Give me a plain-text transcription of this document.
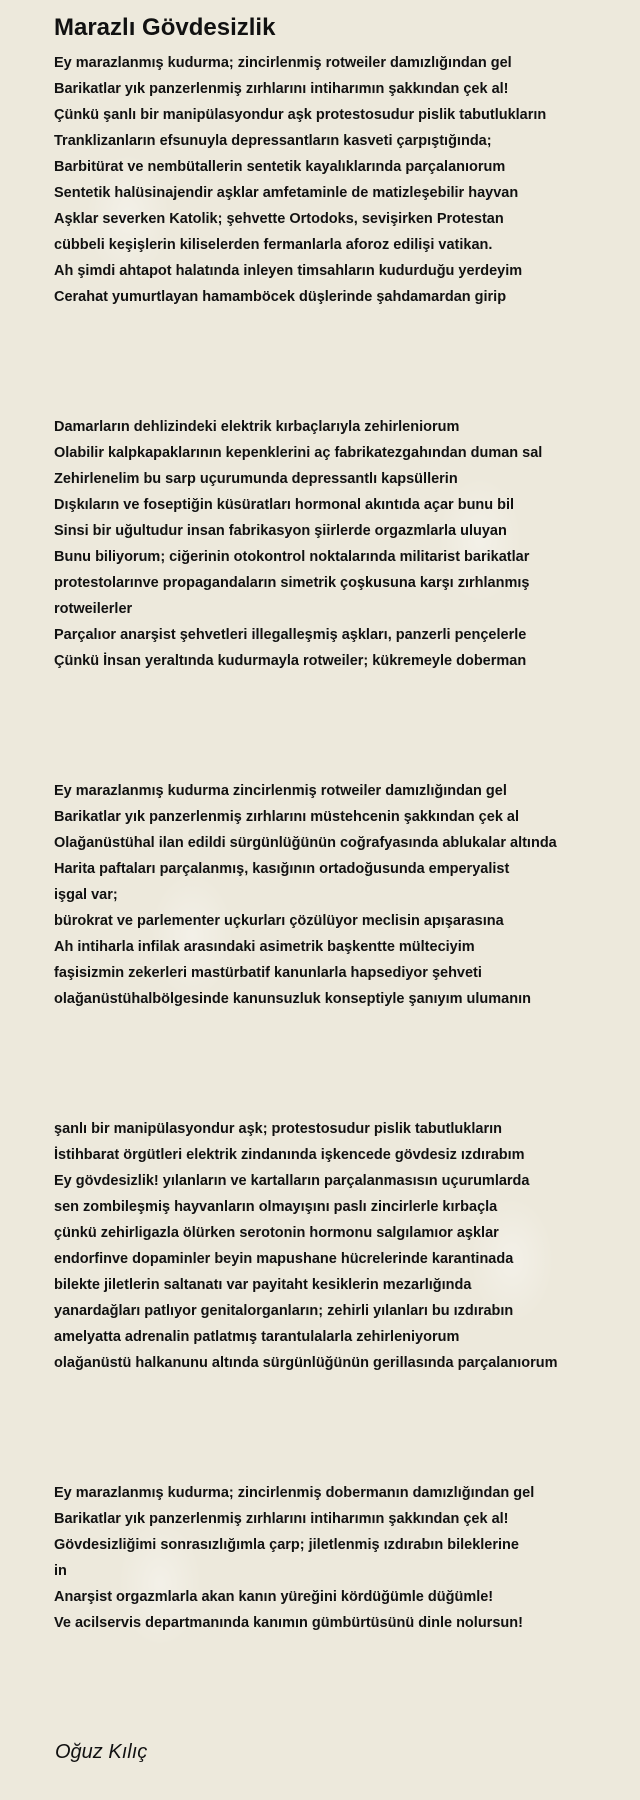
Marazlı Gövdesizlik
Ey marazlanmış kudurma; zincirlenmiş rotweiler damızlığından gel
Barikatlar yık panzerlenmiş zırhlarını intiharımın şakkından çek al!
Çünkü şanlı bir manipülasyondur aşk protestosudur pislik tabutlukların
Tranklizanların efsunuyla depressantların kasveti çarpıştığında;
Barbitürat ve nembütallerin sentetik kayalıklarında parçalanıorum
Sentetik halüsinajendir aşklar amfetaminle de matizleşebilir hayvan
Aşklar severken Katolik; şehvette Ortodoks, sevişirken Protestan
cübbeli keşişlerin kiliselerden fermanlarla aforoz edilişi vatikan.
Ah şimdi ahtapot halatında inleyen timsahların kudurduğu yerdeyim
Cerahat yumurtlayan hamamböcek düşlerinde şahdamardan girip
Damarların dehlizindeki elektrik kırbaçlarıyla zehirleniorum
Olabilir kalpkapaklarının kepenklerini aç fabrikatezgahından duman sal
Zehirlenelim bu sarp uçurumunda depressantlı kapsüllerin
Dışkıların ve foseptiğin küsüratları hormonal akıntıda açar bunu bil
Sinsi bir uğultudur insan fabrikasyon şiirlerde orgazmlarla uluyan
Bunu biliyorum; ciğerinin otokontrol noktalarında militarist barikatlar
protestolarınve propagandaların simetrik çoşkusuna karşı zırhlanmış
rotweilerler
Parçalıor anarşist şehvetleri illegalleşmiş aşkları, panzerli pençelerle
Çünkü İnsan yeraltında kudurmayla rotweiler; kükremeyle doberman
Ey marazlanmış kudurma zincirlenmiş rotweiler damızlığından gel
Barikatlar yık panzerlenmiş zırhlarını müstehcenin şakkından çek al
Olağanüstühal ilan edildi sürgünlüğünün coğrafyasında ablukalar altında
Harita paftaları parçalanmış, kasığının ortadoğusunda emperyalist
işgal var;
bürokrat ve parlementer uçkurları çözülüyor meclisin apışarasına
Ah intiharla infilak arasındaki asimetrik başkentte mülteciyim
faşisizmin zekerleri mastürbatif kanunlarla hapsediyor şehveti
olağanüstühalbölgesinde kanunsuzluk konseptiyle şanıyım ulumanın
şanlı bir manipülasyondur aşk; protestosudur pislik tabutlukların
İstihbarat örgütleri elektrik zindanında işkencede gövdesiz ızdırabım
Ey gövdesizlik! yılanların ve kartalların parçalanmasısın uçurumlarda
sen zombileşmiş hayvanların olmayışını paslı zincirlerle kırbaçla
çünkü zehirligazla ölürken serotonin hormonu salgılamıor aşklar
endorfinve dopaminler beyin mapushane hücrelerinde karantinada
bilekte jiletlerin saltanatı var payitaht kesiklerin mezarlığında
yanardağları patlıyor genitalorganların; zehirli yılanları bu ızdırabın
amelyatta adrenalin patlatmış tarantulalarla zehirleniyorum
olağanüstü halkanunu altında sürgünlüğünün gerillasında parçalanıorum
Ey marazlanmış kudurma; zincirlenmiş dobermanın damızlığından gel
Barikatlar yık panzerlenmiş zırhlarını intiharımın şakkından çek al!
Gövdesizliğimi sonrasızlığımla çarp; jiletlenmiş ızdırabın bileklerine
in
Anarşist orgazmlarla akan kanın yüreğini kördüğümle düğümle!
Ve acilservis departmanında kanımın gümbürtüsünü dinle nolursun!
Oğuz Kılıç
